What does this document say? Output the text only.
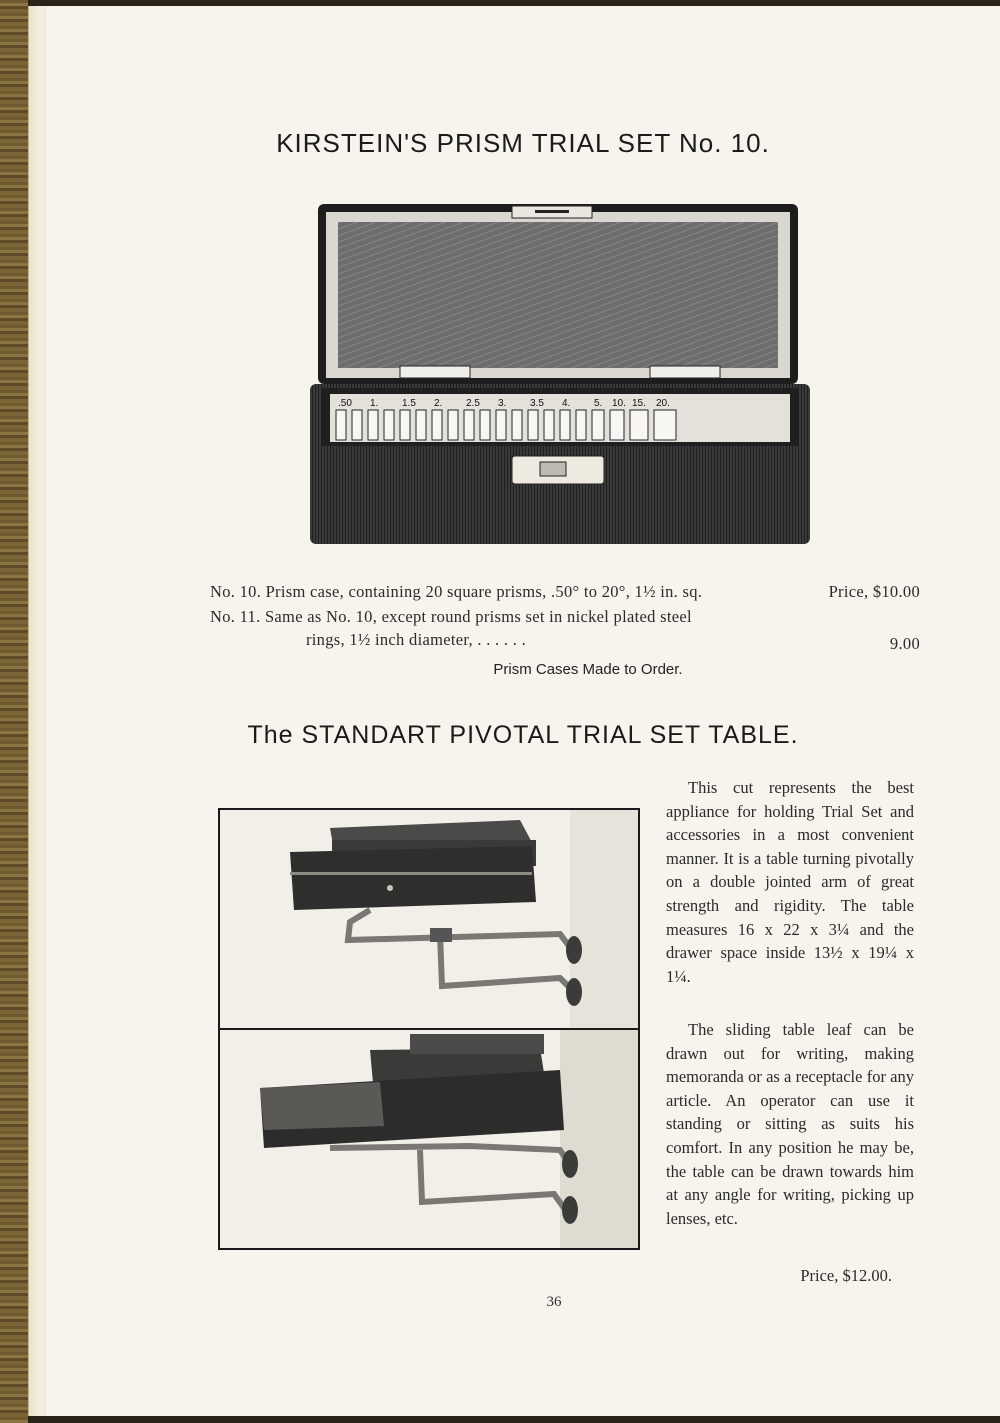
KIRSTEIN'S PRISM TRIAL SET No. 10.
.50 1. 1.5 2. 2.5 3. 3.5 4. 5. 10. 15. 20.
No. 10. Prism case, containing 20 square prisms, .50° to 20°, 1½ in. sq.	Price, $10.00
No. 11. Same as No. 10, except round prisms set in nickel plated steel
rings, 1½ inch diameter, . . . . . .	9.00
Prism Cases Made to Order.
The STANDART PIVOTAL TRIAL SET TABLE.
This cut represents the best appliance for holding Trial Set and accessories in a most convenient manner. It is a table turning pivotally on a double jointed arm of great strength and rigidity. The table measures 16 x 22 x 3¼ and the drawer space inside 13½ x 19¼ x 1¼.
The sliding table leaf can be drawn out for writing, making memoranda or as a receptacle for any article. An operator can use it standing or sitting as suits his comfort. In any position he may be, the table can be drawn towards him at any angle for writing, picking up lenses, etc.
Price, $12.00.
36
